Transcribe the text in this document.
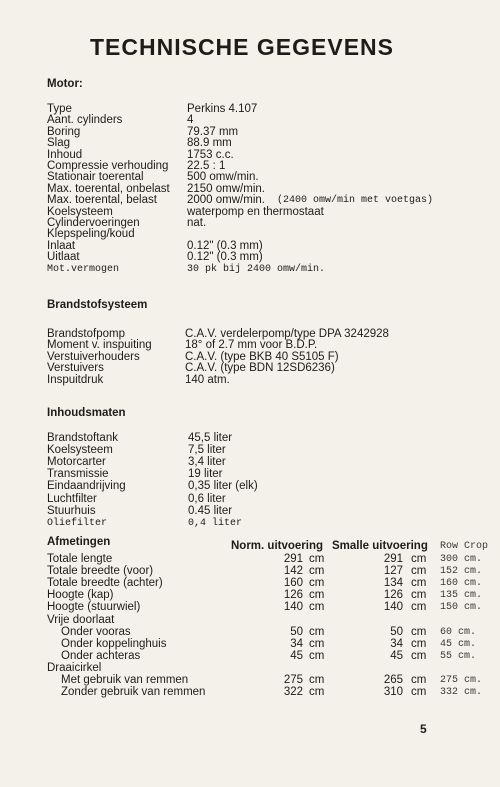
TECHNISCHE GEGEVENS
Motor:
Type	Perkins 4.107
Aant. cylinders	4
Boring	79.37 mm
Slag	88.9 mm
Inhoud	1753 c.c.
Compressie verhouding 22.5 : 1
Stationair toerental	500 omw/min.
Max. toerental, onbelast 2150 omw/min.
Max. toerental, belast	2000 omw/min. (2400 omw/min met voetgas)
Koelsysteem	waterpomp en thermostaat
Cylindervoeringen	nat.
Klepspeling/koud
Inlaat	0.12" (0.3 mm)
Uitlaat	0.12" (0.3 mm)
Mot.vermogen	30 pk bij 2400 omw/min.
Brandstofsysteem
Brandstofpomp	C.A.V. verdelerpomp/type DPA 3242928
Moment v. inspuiting	18° of 2.7 mm voor B.D.P.
Verstuiverhouders	C.A.V. (type BKB 40 S5105 F)
Verstuivers	C.A.V. (type BDN 12SD6236)
Inspuitdruk	140 atm.
Inhoudsmaten
Brandstoftank	45,5 liter
Koelsysteem	7,5 liter
Motorcarter	3,4 liter
Transmissie	19 liter
Eindaandrijving	0,35 liter (elk)
Luchtfilter	0,6 liter
Stuurhuis	0.45 liter
Oliefilter	0,4 liter
Afmetingen	Norm. uitvoering Smalle uitvoering Row Crop
Totale lengte	291 cm	291 cm 300 cm.
Totale breedte (voor)	142 cm	127 cm 152 cm.
Totale breedte (achter)	160 cm	134 cm 160 cm.
Hoogte (kap)	126 cm	126 cm 135 cm.
Hoogte (stuurwiel)	140 cm	140 cm 150 cm.
Vrije doorlaat
Onder vooras	50 cm	50 cm 60 cm.
Onder koppelinghuis	34 cm	34 cm 45 cm.
Onder achteras	45 cm	45 cm 55 cm.
Draaicirkel
Met gebruik van remmen	275 cm	265 cm 275 cm.
Zonder gebruik van remmen	322 cm	310 cm 332 cm.
5
